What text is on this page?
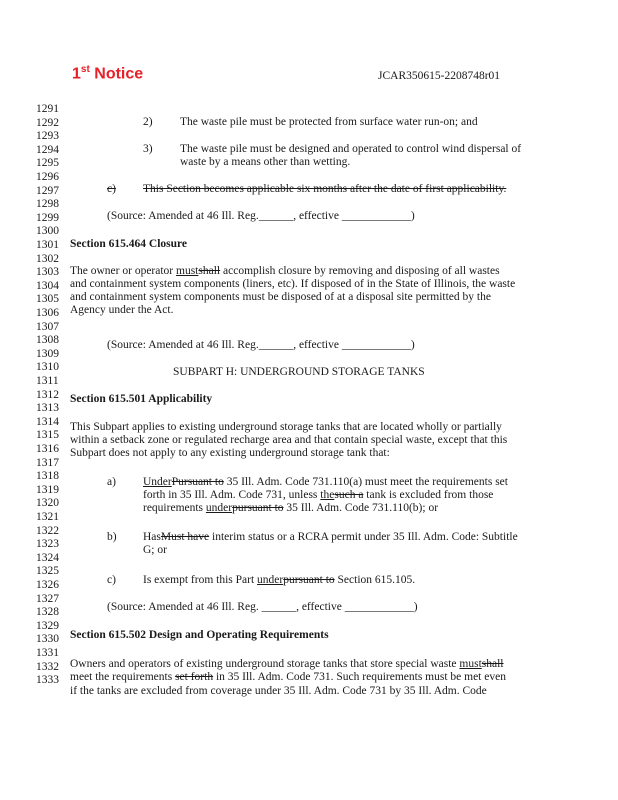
1st Notice	JCAR350615-2208748r01
1291
1292
1293
1294
1295
1296
1297
1298
1299
1300
1301
1302
1303
1304
1305
1306
1307
1308
1309
1310
1311
1312
1313
1314
1315
1316
1317
1318
1319
1320
1321
1322
1323
1324
1325
1326
1327
1328
1329
1330
1331
1332
1333
2) The waste pile must be protected from surface water run-on; and
3) The waste pile must be designed and operated to control wind dispersal of
waste by a means other than wetting.
c) This Section becomes applicable six months after the date of first applicability.
(Source: Amended at 46 Ill. Reg.______, effective ____________)
Section 615.464 Closure
The owner or operator mustshall accomplish closure by removing and disposing of all wastes
and containment system components (liners, etc). If disposed of in the State of Illinois, the waste
and containment system components must be disposed of at a disposal site permitted by the
Agency under the Act.
(Source: Amended at 46 Ill. Reg.______, effective ____________)
SUBPART H: UNDERGROUND STORAGE TANKS
Section 615.501 Applicability
This Subpart applies to existing underground storage tanks that are located wholly or partially
within a setback zone or regulated recharge area and that contain special waste, except that this
Subpart does not apply to any existing underground storage tank that:
a) UnderPursuant to 35 Ill. Adm. Code 731.110(a) must meet the requirements set
forth in 35 Ill. Adm. Code 731, unless thesuch a tank is excluded from those
requirements underpursuant to 35 Ill. Adm. Code 731.110(b); or
b) HasMust have interim status or a RCRA permit under 35 Ill. Adm. Code: Subtitle
G; or
c) Is exempt from this Part underpursuant to Section 615.105.
(Source: Amended at 46 Ill. Reg. ______, effective ____________)
Section 615.502 Design and Operating Requirements
Owners and operators of existing underground storage tanks that store special waste mustshall
meet the requirements set forth in 35 Ill. Adm. Code 731. Such requirements must be met even
if the tanks are excluded from coverage under 35 Ill. Adm. Code 731 by 35 Ill. Adm. Code
